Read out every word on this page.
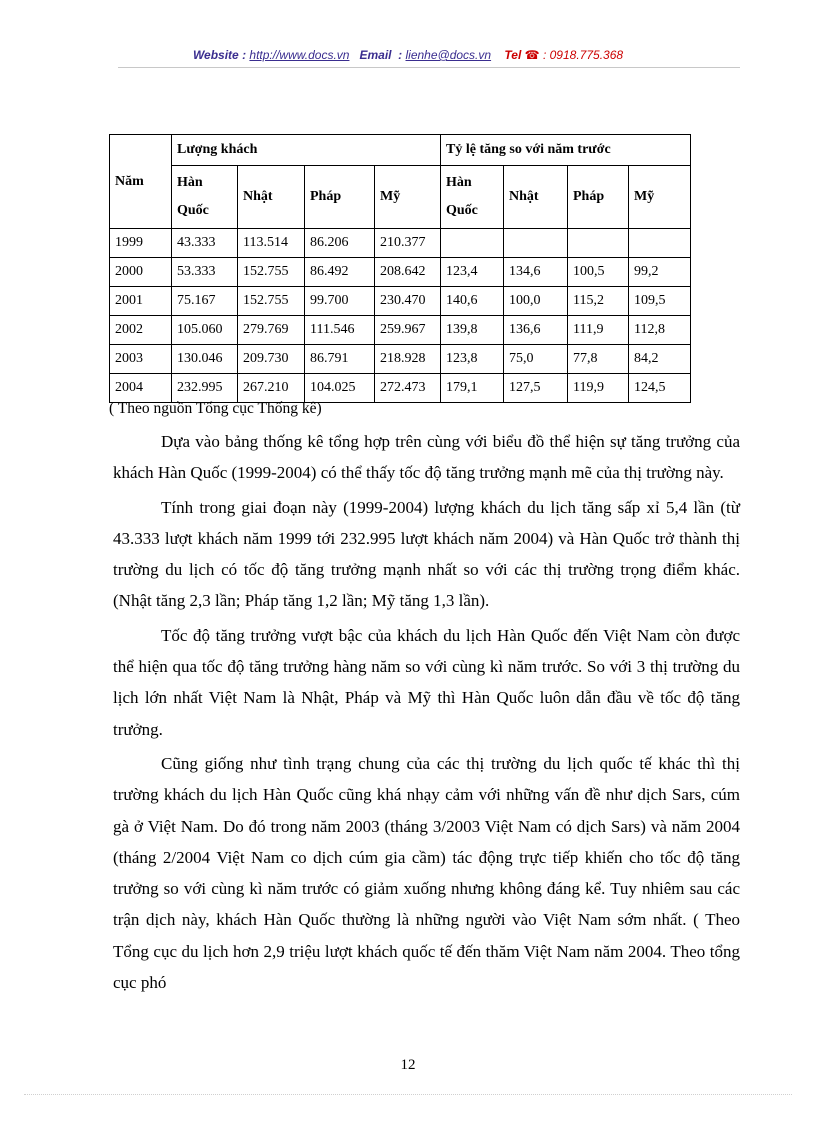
Website : http://www.docs.vn Email : lienhe@docs.vn Tel ☎ : 0918.775.368
Năm	Lượng khách				Tỷ lệ tăng so với năm trước			
	Hàn Quốc	Nhật	Pháp	Mỹ	Hàn Quốc	Nhật	Pháp	Mỹ
1999	43.333	113.514	86.206	210.377				
2000	53.333	152.755	86.492	208.642	123,4	134,6	100,5	99,2
2001	75.167	152.755	99.700	230.470	140,6	100,0	115,2	109,5
2002	105.060	279.769	111.546	259.967	139,8	136,6	111,9	112,8
2003	130.046	209.730	86.791	218.928	123,8	75,0	77,8	84,2
2004	232.995	267.210	104.025	272.473	179,1	127,5	119,9	124,5
( Theo nguồn Tổng cục Thống kê)

Dựa vào bảng thống kê tổng hợp trên cùng với biểu đồ thể hiện sự tăng trưởng của khách Hàn Quốc (1999-2004) có thể thấy tốc độ tăng trưởng mạnh mẽ của thị trường này.

Tính trong giai đoạn này (1999-2004) lượng khách du lịch tăng sấp xỉ 5,4 lần (từ 43.333 lượt khách năm 1999 tới 232.995 lượt khách năm 2004) và Hàn Quốc trở thành thị trường du lịch có tốc độ tăng trưởng mạnh nhất so với các thị trường trọng điểm khác. (Nhật tăng 2,3 lần; Pháp tăng 1,2 lần; Mỹ tăng 1,3 lần).

Tốc độ tăng trưởng vượt bậc của khách du lịch Hàn Quốc đến Việt Nam còn được thể hiện qua tốc độ tăng trưởng hàng năm so với cùng kì năm trước. So với 3 thị trường du lịch lớn nhất Việt Nam là Nhật, Pháp và Mỹ thì Hàn Quốc luôn dẫn đầu về tốc độ tăng trưởng.

Cũng giống như tình trạng chung của các thị trường du lịch quốc tế khác thì thị trường khách du lịch Hàn Quốc cũng khá nhạy cảm với những vấn đề như dịch Sars, cúm gà ở Việt Nam. Do đó trong năm 2003 (tháng 3/2003 Việt Nam có dịch Sars) và năm 2004 (tháng 2/2004 Việt Nam co dịch cúm gia cầm) tác động trực tiếp khiến cho tốc độ tăng trưởng so với cùng kì năm trước có giảm xuống nhưng không đáng kể. Tuy nhiêm sau các trận dịch này, khách Hàn Quốc thường là những người vào Việt Nam sớm nhất. ( Theo Tổng cục du lịch hơn 2,9 triệu lượt khách quốc tế đến thăm Việt Nam năm 2004. Theo tổng cục phó

12
